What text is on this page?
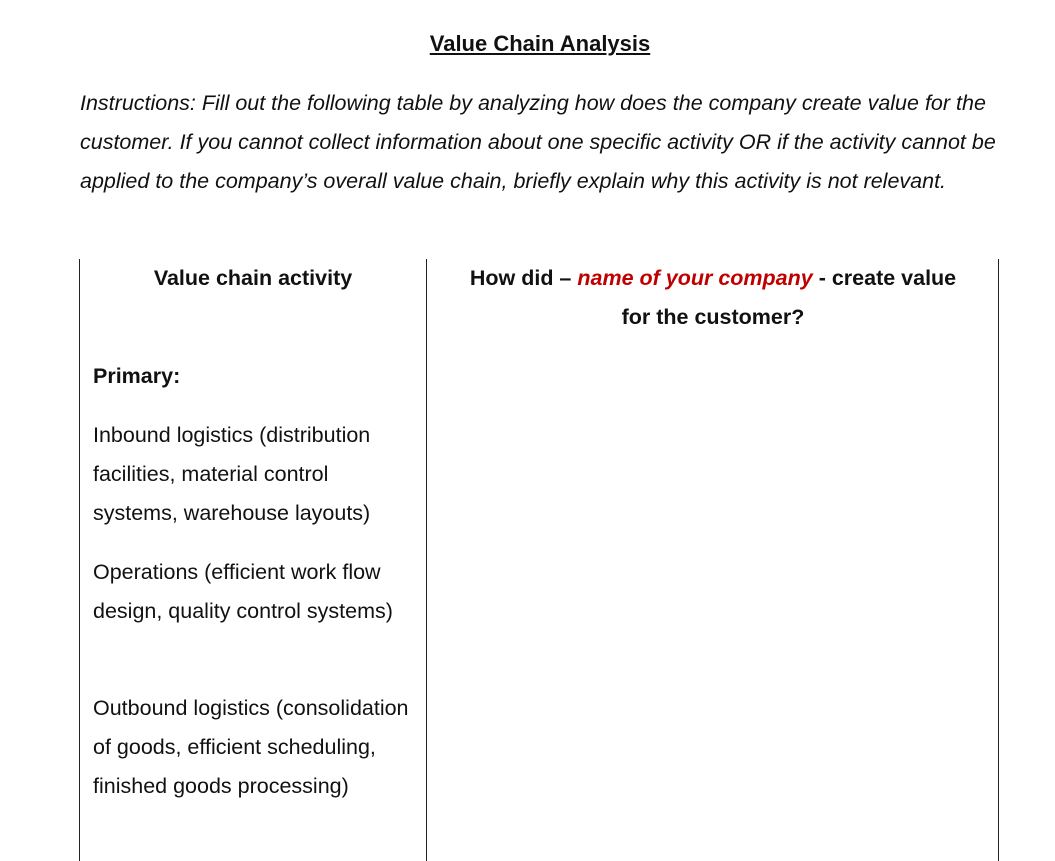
Value Chain Analysis

Instructions: Fill out the following table by analyzing how does the company create value for the customer. If you cannot collect information about one specific activity OR if the activity cannot be applied to the company’s overall value chain, briefly explain why this activity is not relevant.

Value chain activity	How did – name of your company - create value
for the customer?
Primary:
Inbound logistics (distribution facilities, material control systems, warehouse layouts)
Operations (efficient work flow design, quality control systems)
Outbound logistics (consolidation of goods, efficient scheduling, finished goods processing)
